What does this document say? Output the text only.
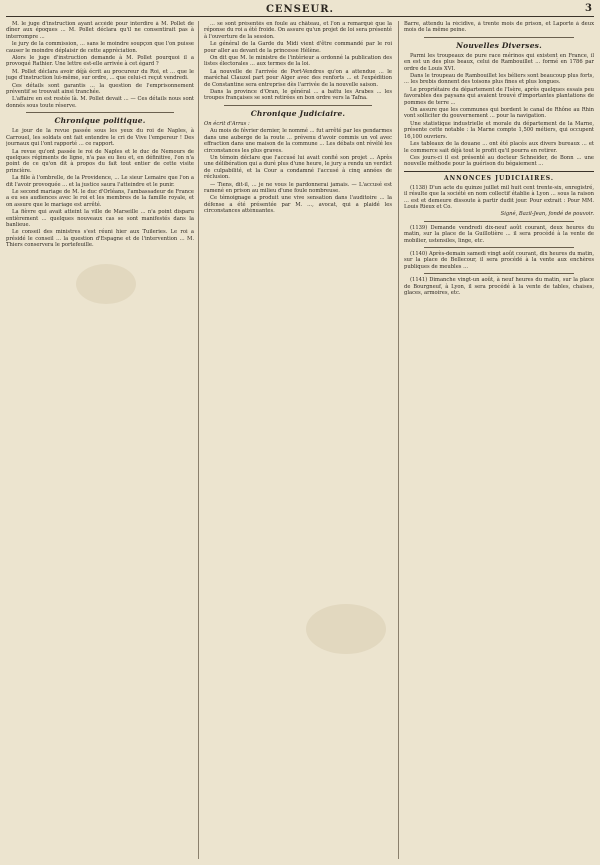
CENSEUR.	3

M. le juge d'instruction ayant accédé pour interdire à M. Pollet de dîner aux époques ... M. Pollet déclara qu'il ne consentirait pas à interrompre ...

le jury de la commission, ... sans le moindre soupçon que l'on puisse causer le moindre déplaisir de cette appréciation.

Alors le juge d'instruction demande à M. Pollet pourquoi il a provoqué Rathier. Une lettre est-elle arrivée à cet égard ?

M. Pollet déclara avoir déjà écrit au procureur du Roi, et ... que le juge d'instruction lui-même, sur ordre, ... que celui-ci reçut vendredi.

Ces détails sont garantis ... la question de l'emprisonnement préventif se trouvait ainsi tranchée.

L'affaire en est restée là. M. Pollet devait ... — Ces détails nous sont donnés sous toute réserve.

Chronique politique.

Le jour de la revue passée sous les yeux du roi de Naples, à Carrouel, les soldats ont fait entendre le cri de Vive l'empereur ! Des journaux qui l'ont rapporté ... ce rapport.

La revue qu'ont passée le roi de Naples et le duc de Nemours de quelques régiments de ligne, n'a pas eu lieu et, en définitive, l'on n'a point de ce qu'on dit à propos du fait tout entier de cette visite princière.

La fille à l'ombrelle, de la Providence, ... Le sieur Lemaire que l'on a dit l'avoir provoquée ... et la justice saura l'atteindre et le punir.

Le second mariage de M. le duc d'Orléans, l'ambassadeur de France a eu ses audiences avec le roi et les membres de la famille royale, et on assure que le mariage est arrêté.

La fièvre qui avait atteint la ville de Marseille ... n'a point disparu entièrement ... quelques nouveaux cas se sont manifestés dans la banlieue.

Le conseil des ministres s'est réuni hier aux Tuileries. Le roi a présidé le conseil ... la question d'Espagne et de l'intervention ... M. Thiers conservera le portefeuille.

... se sont présentés en foule au château, et l'on a remarqué que la réponse du roi a été froide. On assure qu'un projet de loi sera présenté à l'ouverture de la session.

Le général de la Garde du Midi vient d'être commandé par le roi pour aller au devant de la princesse Hélène.

On dit que M. le ministre de l'intérieur a ordonné la publication des listes électorales ... aux termes de la loi.

La nouvelle de l'arrivée de Port-Vendres qu'on a attendue ... le maréchal Clauzel part pour Alger avec des renforts ... et l'expédition de Constantine sera entreprise dès l'arrivée de la nouvelle saison.

Dans la province d'Oran, le général ... a battu les Arabes ... les troupes françaises se sont retirées en bon ordre vers la Tafna.

Chronique Judiciaire.

On écrit d'Arras :

Au mois de février dernier, le nommé ... fut arrêté par les gendarmes dans une auberge de la route ... prévenu d'avoir commis un vol avec effraction dans une maison de la commune ... Les débats ont révélé les circonstances les plus graves.

Un témoin déclare que l'accusé lui avait confié son projet ... Après une délibération qui a duré plus d'une heure, le jury a rendu un verdict de culpabilité, et la Cour a condamné l'accusé à cinq années de réclusion.

— Tiens, dit-il, ... je ne vous le pardonnerai jamais. — L'accusé est ramené en prison au milieu d'une foule nombreuse.

Ce témoignage a produit une vive sensation dans l'auditoire ... la défense a été présentée par M. ..., avocat, qui a plaidé les circonstances atténuantes.

Barre, attendu la récidive, à trente mois de prison, et Laporte à deux mois de la même peine.

Nouvelles Diverses.

Parmi les troupeaux de pure race mérinos qui existent en France, il en est un des plus beaux, celui de Rambouillet ... formé en 1786 par ordre de Louis XVI.

Dans le troupeau de Rambouillet les béliers sont beaucoup plus forts, ... les brebis donnent des toisons plus fines et plus longues.

Le propriétaire du département de l'Isère, après quelques essais peu favorables des paysans qui avaient trouvé d'importantes plantations de pommes de terre ...

On assure que les communes qui bordent le canal de Rhône au Rhin vont solliciter du gouvernement ... pour la navigation.

Une statistique industrielle et morale du département de la Marne, présente cette notable : la Marne compte 1,500 métiers, qui occupent 16,100 ouvriers.

Les tableaux de la douane ... ont été placés aux divers bureaux ... et le commerce sait déjà tout le profit qu'il pourra en retirer.

Ces jours-ci il est présenté au docteur Schneider, de Bonn ... une nouvelle méthode pour la guérison du bégaiement ...

ANNONCES JUDICIAIRES.

(1138) D'un acte du quinze juillet mil huit cent trente-six, enregistré, il résulte que la société en nom collectif établie à Lyon ... sous la raison ... est et demeure dissoute à partir dudit jour. Pour extrait : Pour MM. Louis Rieux et Co.

Signé, Bazil-Jean, fondé de pouvoir.

(1139) Demande vendredi dix-neuf août courant, deux heures du matin, sur la place de la Guillotière ... il sera procédé à la vente de mobilier, ustensiles, linge, etc.

(1140) Après-demain samedi vingt août courant, dix heures du matin, sur la place de Bellecour, il sera procédé à la vente aux enchères publiques de meubles ...

(1141) Dimanche vingt-un août, à neuf heures du matin, sur la place de Bourgneuf, à Lyon, il sera procédé à la vente de tables, chaises, glaces, armoires, etc.
